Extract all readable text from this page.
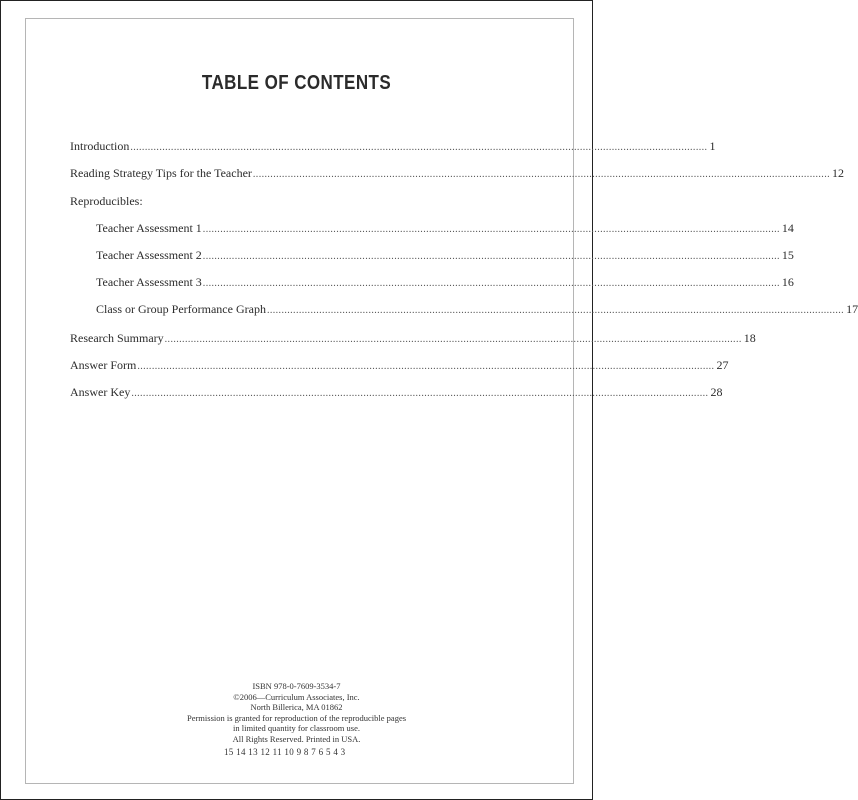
TABLE OF CONTENTS
Introduction ....................................................................................................................................................................................................... 1
Reading Strategy Tips for the Teacher ....................................................................................................................................................................................................... 12
Reproducibles:
Teacher Assessment 1 ....................................................................................................................................................................................................... 14
Teacher Assessment 2 ....................................................................................................................................................................................................... 15
Teacher Assessment 3 ....................................................................................................................................................................................................... 16
Class or Group Performance Graph ....................................................................................................................................................................................................... 17
Research Summary ....................................................................................................................................................................................................... 18
Answer Form ....................................................................................................................................................................................................... 27
Answer Key ....................................................................................................................................................................................................... 28
ISBN 978-0-7609-3534-7
©2006—Curriculum Associates, Inc.
North Billerica, MA 01862
Permission is granted for reproduction of the reproducible pages
in limited quantity for classroom use.
All Rights Reserved. Printed in USA.
15 14 13 12 11 10 9 8 7 6 5 4 3
